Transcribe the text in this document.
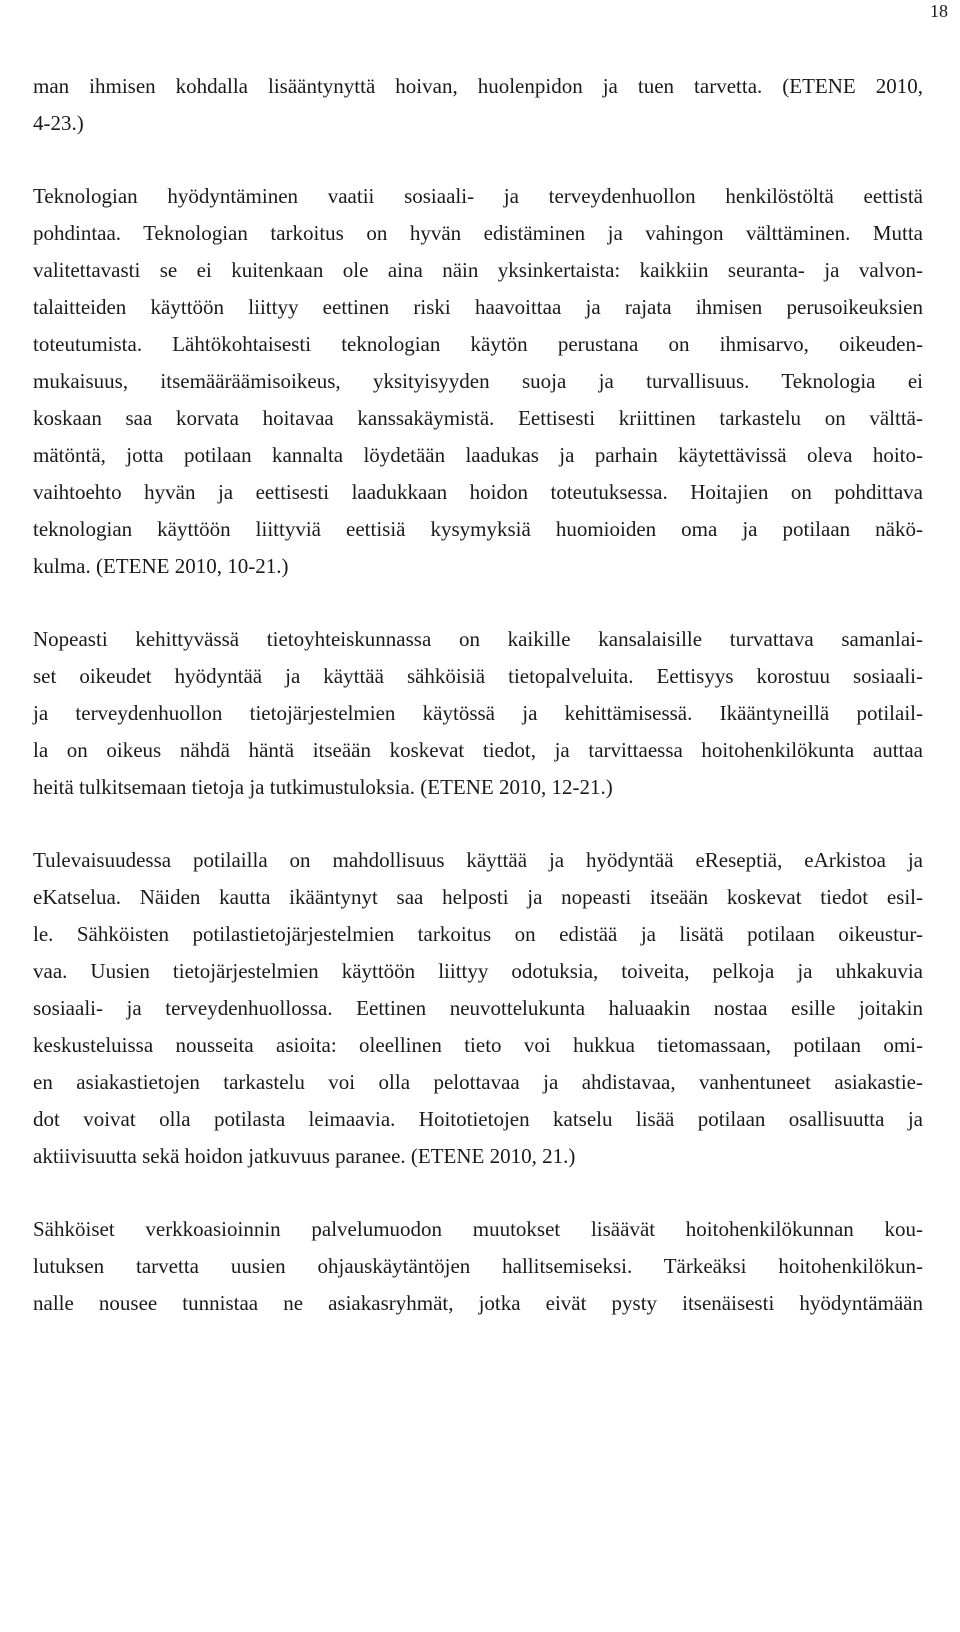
18
man ihmisen kohdalla lisääntynyttä hoivan, huolenpidon ja tuen tarvetta. (ETENE 2010,
4-23.)
Teknologian hyödyntäminen vaatii sosiaali- ja terveydenhuollon henkilöstöltä eettistä
pohdintaa. Teknologian tarkoitus on hyvän edistäminen ja vahingon välttäminen. Mutta
valitettavasti se ei kuitenkaan ole aina näin yksinkertaista: kaikkiin seuranta- ja valvon-
talaitteiden käyttöön liittyy eettinen riski haavoittaa ja rajata ihmisen perusoikeuksien
toteutumista. Lähtökohtaisesti teknologian käytön perustana on ihmisarvo, oikeuden-
mukaisuus, itsemääräämisoikeus, yksityisyyden suoja ja turvallisuus. Teknologia ei
koskaan saa korvata hoitavaa kanssakäymistä. Eettisesti kriittinen tarkastelu on välttä-
mätöntä, jotta potilaan kannalta löydetään laadukas ja parhain käytettävissä oleva hoito-
vaihtoehto hyvän ja eettisesti laadukkaan hoidon toteutuksessa. Hoitajien on pohdittava
teknologian käyttöön liittyviä eettisiä kysymyksiä huomioiden oma ja potilaan näkö-
kulma. (ETENE 2010, 10-21.)
Nopeasti kehittyvässä tietoyhteiskunnassa on kaikille kansalaisille turvattava samanlai-
set oikeudet hyödyntää ja käyttää sähköisiä tietopalveluita. Eettisyys korostuu sosiaali-
ja terveydenhuollon tietojärjestelmien käytössä ja kehittämisessä. Ikääntyneillä potilail-
la on oikeus nähdä häntä itseään koskevat tiedot, ja tarvittaessa hoitohenkilökunta auttaa
heitä tulkitsemaan tietoja ja tutkimustuloksia. (ETENE 2010, 12-21.)
Tulevaisuudessa potilailla on mahdollisuus käyttää ja hyödyntää eReseptiä, eArkistoa ja
eKatselua. Näiden kautta ikääntynyt saa helposti ja nopeasti itseään koskevat tiedot esil-
le. Sähköisten potilastietojärjestelmien tarkoitus on edistää ja lisätä potilaan oikeustur-
vaa. Uusien tietojärjestelmien käyttöön liittyy odotuksia, toiveita, pelkoja ja uhkakuvia
sosiaali- ja terveydenhuollossa. Eettinen neuvottelukunta haluaakin nostaa esille joitakin
keskusteluissa nousseita asioita: oleellinen tieto voi hukkua tietomassaan, potilaan omi-
en asiakastietojen tarkastelu voi olla pelottavaa ja ahdistavaa, vanhentuneet asiakastie-
dot voivat olla potilasta leimaavia. Hoitotietojen katselu lisää potilaan osallisuutta ja
aktiivisuutta sekä hoidon jatkuvuus paranee. (ETENE 2010, 21.)
Sähköiset verkkoasioinnin palvelumuodon muutokset lisäävät hoitohenkilökunnan kou-
lutuksen tarvetta uusien ohjauskäytäntöjen hallitsemiseksi. Tärkeäksi hoitohenkilökun-
nalle nousee tunnistaa ne asiakasryhmät, jotka eivät pysty itsenäisesti hyödyntämään
